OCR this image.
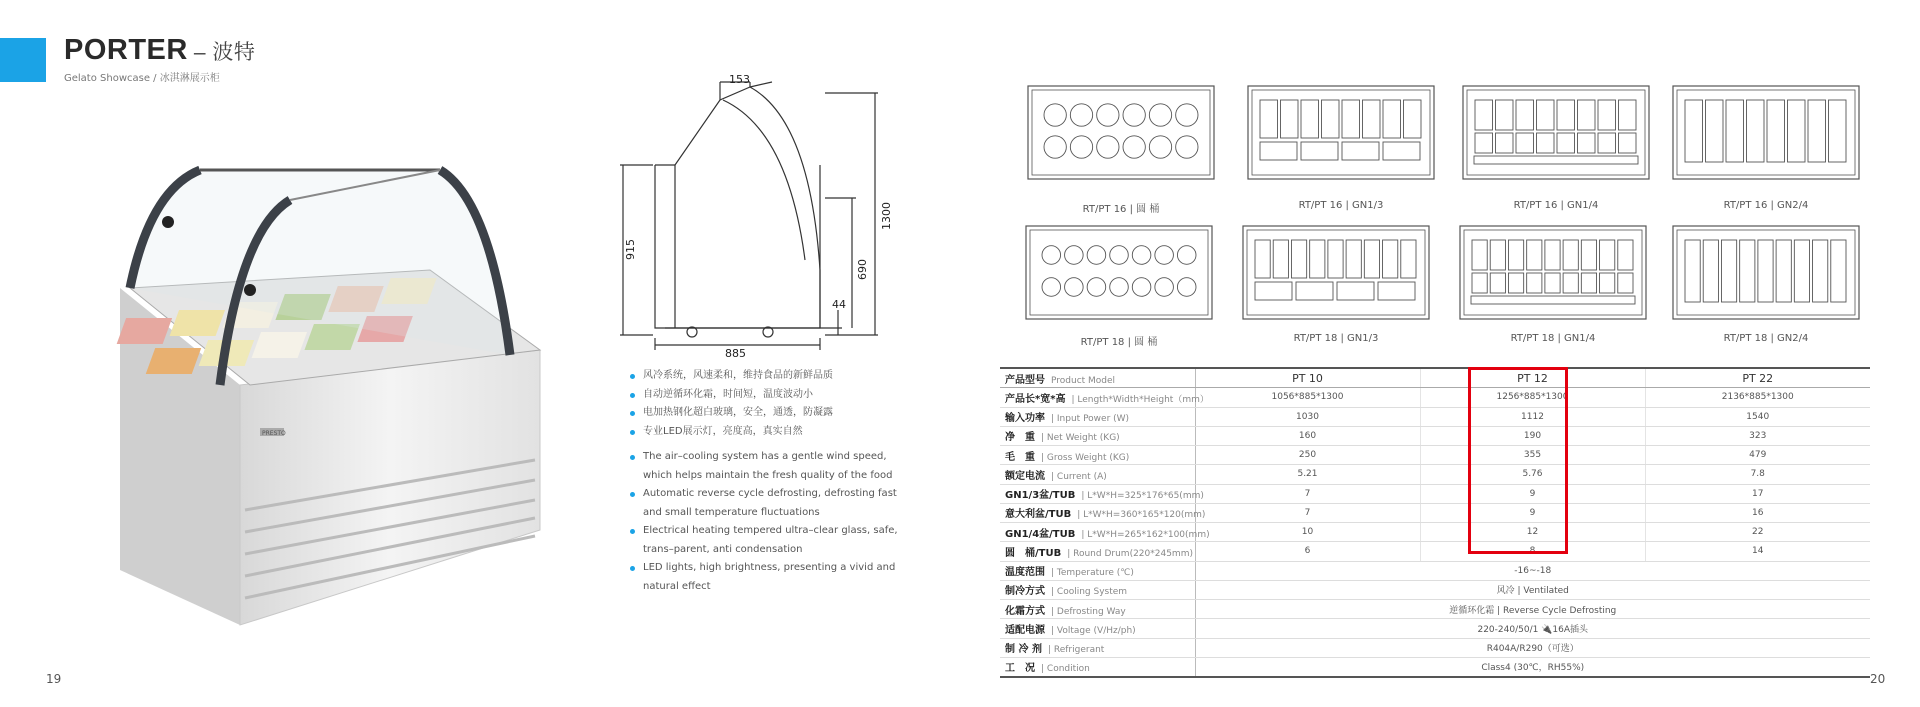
PORTER – 波特
Gelato Showcase / 冰淇淋展示柜
PRESTO
153
915
1300
690
44
885
风冷系统，风速柔和，维持食品的新鲜品质
自动逆循环化霜，时间短，温度波动小
电加热钢化超白玻璃，安全，通透，防凝露
专业LED展示灯，亮度高，真实自然
The air–cooling system has a gentle wind speed, which helps maintain the fresh quality of the food
Automatic reverse cycle defrosting, defrosting fast and small temperature fluctuations
Electrical heating tempered ultra–clear glass, safe, trans–parent, anti condensation
LED lights, high brightness, presenting a vivid and natural effect
RT/PT 16 | 圆 桶	RT/PT 16 | GN1/3	RT/PT 16 | GN1/4	RT/PT 16 | GN2/4
RT/PT 18 | 圆 桶	RT/PT 18 | GN1/3	RT/PT 18 | GN1/4	RT/PT 18 | GN2/4
产品型号 Product Model	PT 10	PT 12	PT 22
产品长*宽*高 | Length*Width*Height（mm）	1056*885*1300	1256*885*1300	2136*885*1300
输入功率 | Input Power (W)	1030	1112	1540
净　重 | Net Weight (KG)	160	190	323
毛　重 | Gross Weight (KG)	250	355	479
额定电流 | Current (A)	5.21	5.76	7.8
GN1/3盆/TUB | L*W*H=325*176*65(mm)	7	9	17
意大利盆/TUB | L*W*H=360*165*120(mm)	7	9	16
GN1/4盆/TUB | L*W*H=265*162*100(mm)	10	12	22
圆　桶/TUB | Round Drum(220*245mm)	6	8	14
温度范围 | Temperature (℃)	-16~-18		
制冷方式 | Cooling System	风冷 | Ventilated		
化霜方式 | Defrosting Way	逆循环化霜 | Reverse Cycle Defrosting		
适配电源 | Voltage (V/Hz/ph)	220-240/50/1 🔌16A插头		
制 冷 剂 | Refrigerant	R404A/R290（可选）		
工　况 | Condition	Class4 (30℃，RH55%)		
19	20
